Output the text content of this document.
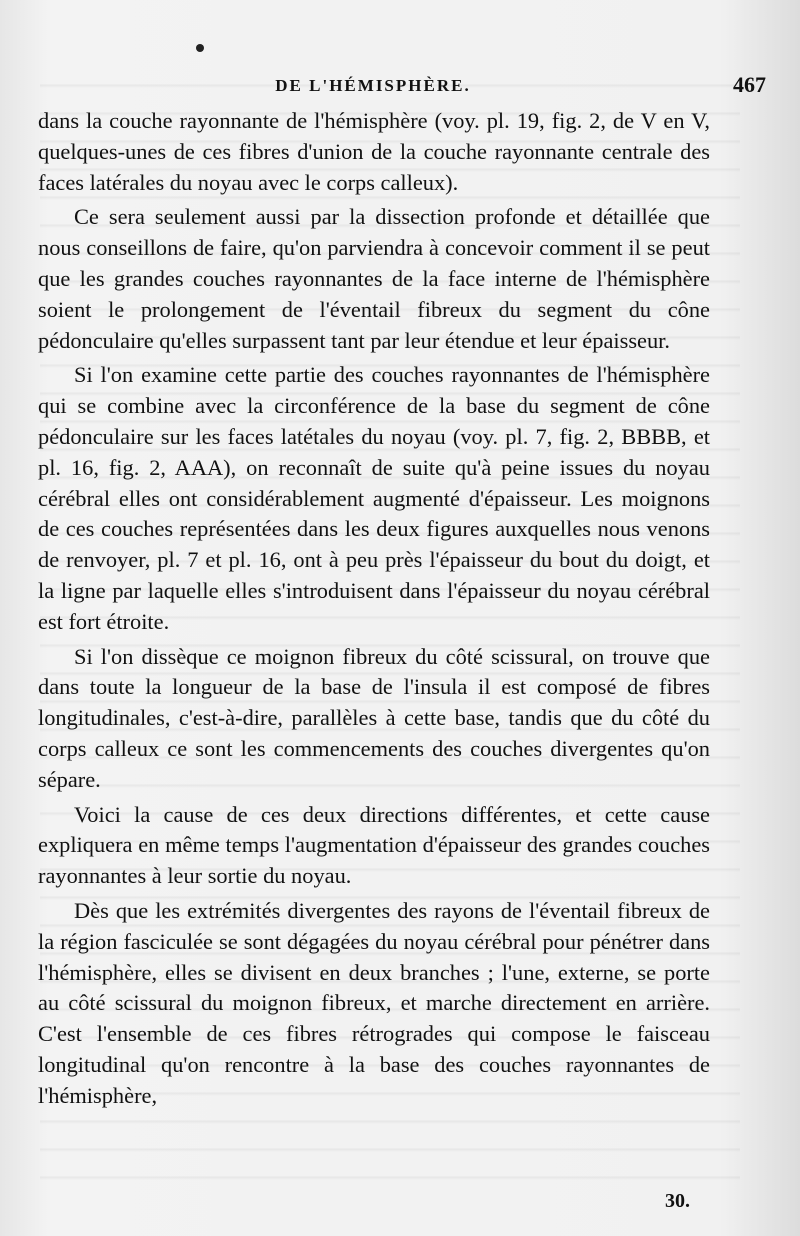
DE L'HÉMISPHÈRE.	467

dans la couche rayonnante de l'hémisphère (voy. pl. 19, fig. 2, de V en V, quelques-unes de ces fibres d'union de la couche rayonnante centrale des faces latérales du noyau avec le corps calleux).

Ce sera seulement aussi par la dissection profonde et détaillée que nous conseillons de faire, qu'on parviendra à concevoir comment il se peut que les grandes couches rayonnantes de la face interne de l'hémisphère soient le prolongement de l'éventail fibreux du segment du cône pédonculaire qu'elles surpassent tant par leur étendue et leur épaisseur.

Si l'on examine cette partie des couches rayonnantes de l'hémisphère qui se combine avec la circonférence de la base du segment de cône pédonculaire sur les faces latétales du noyau (voy. pl. 7, fig. 2, BBBB, et pl. 16, fig. 2, AAA), on reconnaît de suite qu'à peine issues du noyau cérébral elles ont considérablement augmenté d'épaisseur. Les moignons de ces couches représentées dans les deux figures auxquelles nous venons de renvoyer, pl. 7 et pl. 16, ont à peu près l'épaisseur du bout du doigt, et la ligne par laquelle elles s'introduisent dans l'épaisseur du noyau cérébral est fort étroite.

Si l'on dissèque ce moignon fibreux du côté scissural, on trouve que dans toute la longueur de la base de l'insula il est composé de fibres longitudinales, c'est-à-dire, parallèles à cette base, tandis que du côté du corps calleux ce sont les commencements des couches divergentes qu'on sépare.

Voici la cause de ces deux directions différentes, et cette cause expliquera en même temps l'augmentation d'épaisseur des grandes couches rayonnantes à leur sortie du noyau.

Dès que les extrémités divergentes des rayons de l'éventail fibreux de la région fasciculée se sont dégagées du noyau cérébral pour pénétrer dans l'hémisphère, elles se divisent en deux branches ; l'une, externe, se porte au côté scissural du moignon fibreux, et marche directement en arrière. C'est l'ensemble de ces fibres rétrogrades qui compose le faisceau longitudinal qu'on rencontre à la base des couches rayonnantes de l'hémisphère,

30.
